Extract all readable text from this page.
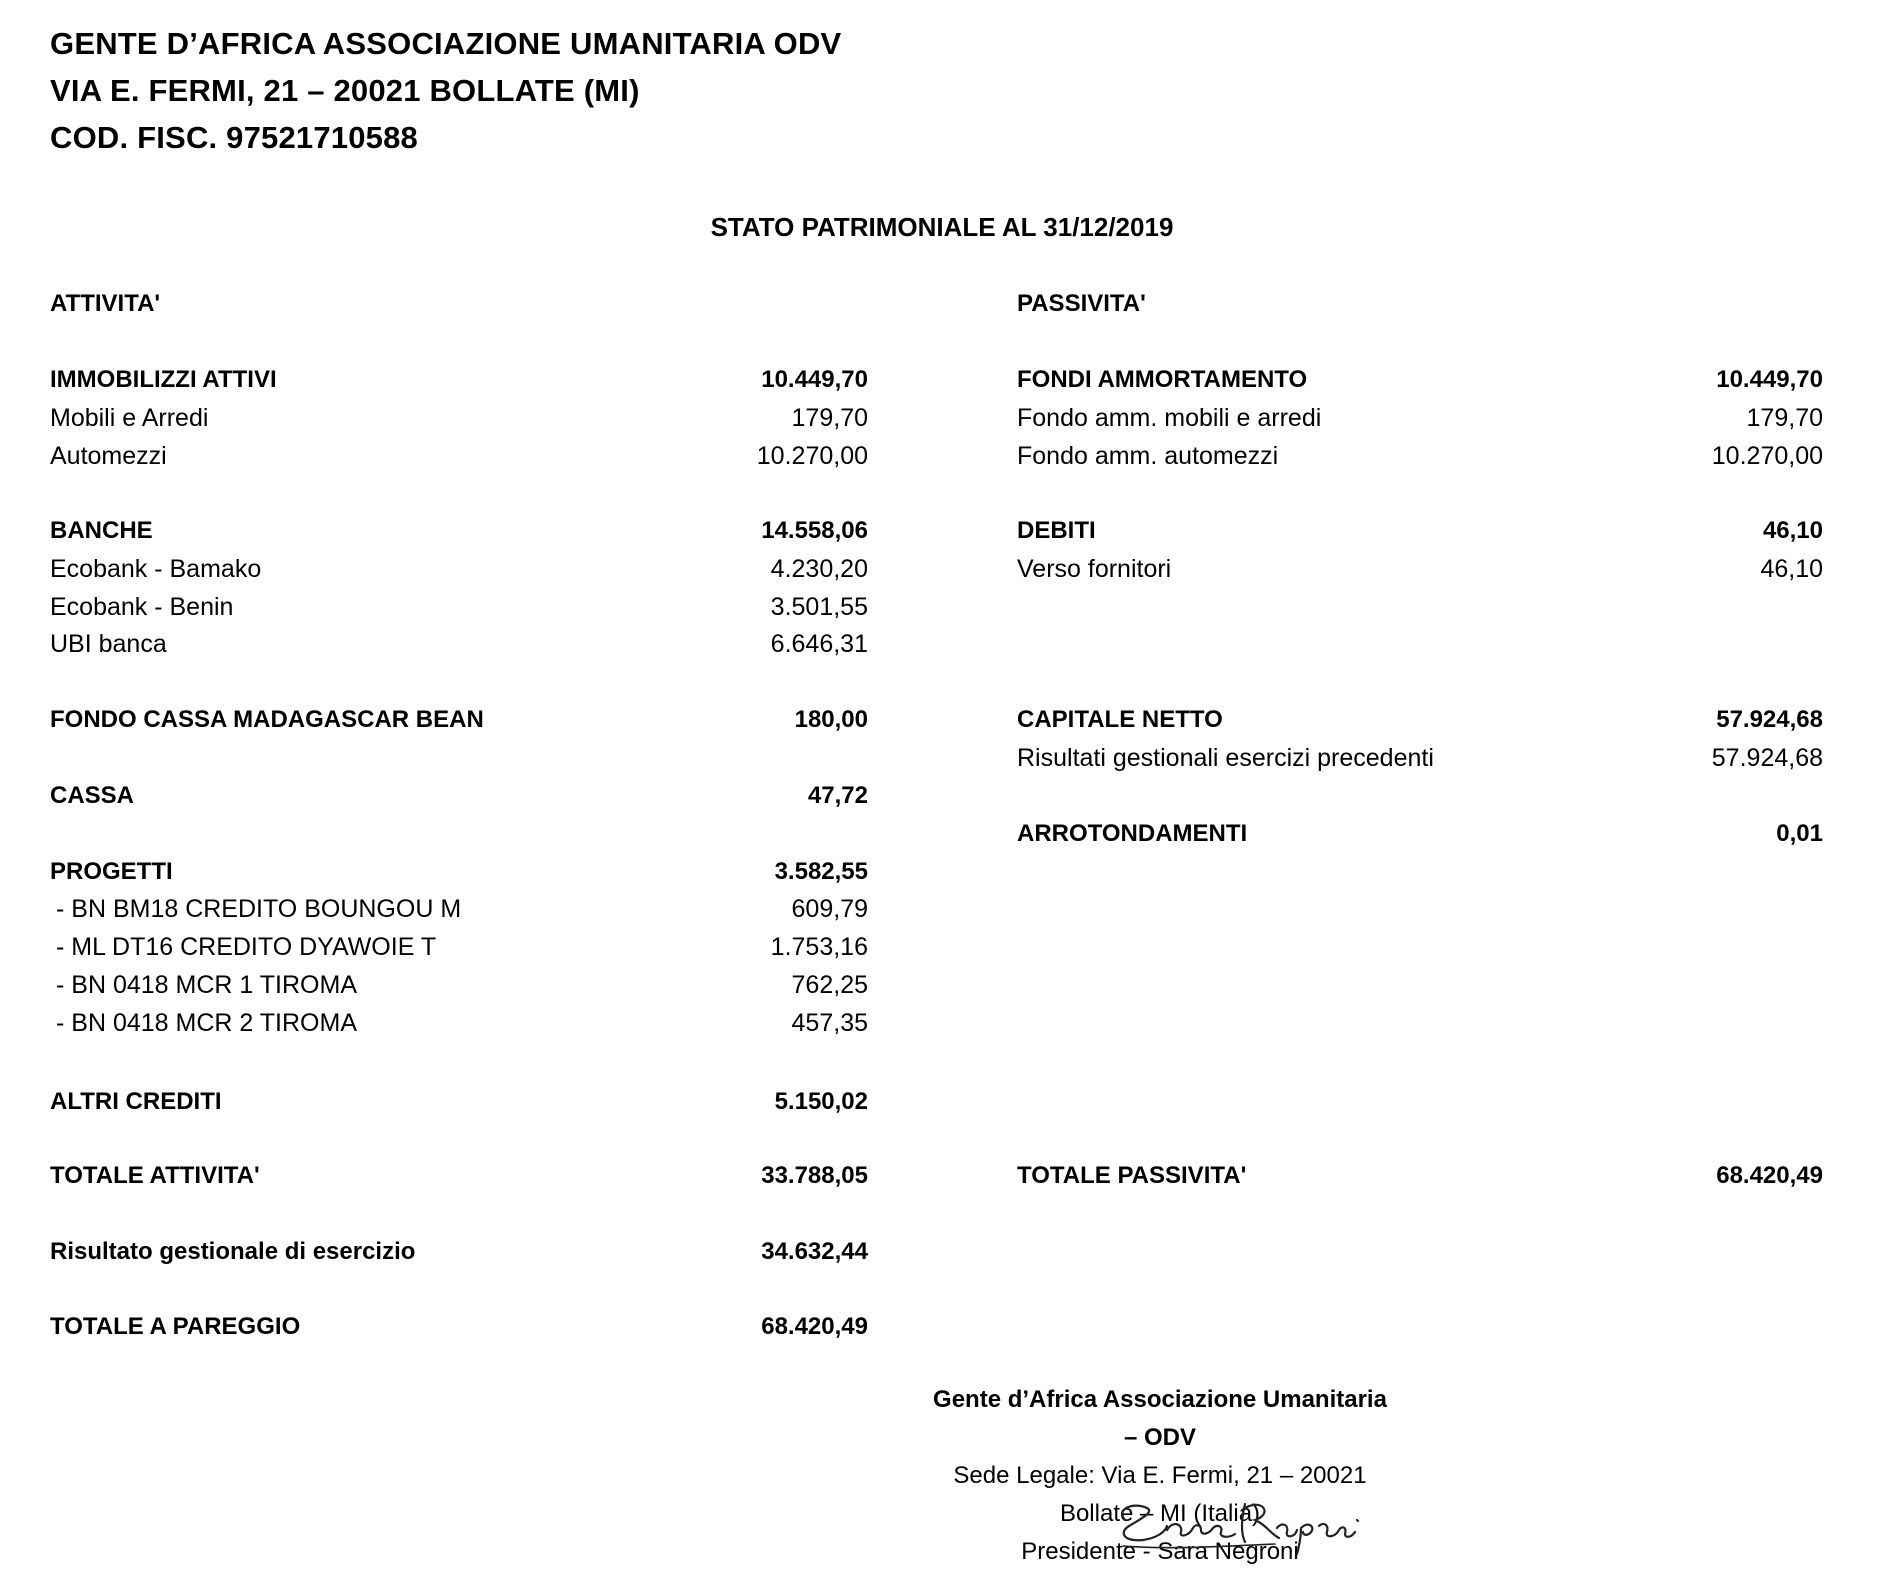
GENTE D’AFRICA ASSOCIAZIONE UMANITARIA ODV
VIA E. FERMI, 21 – 20021 BOLLATE (MI)
COD. FISC. 97521710588
STATO PATRIMONIALE AL 31/12/2019
ATTIVITA'	PASSIVITA'
IMMOBILIZZI ATTIVI	10.449,70
Mobili e Arredi	179,70
Automezzi	10.270,00
BANCHE	14.558,06
Ecobank - Bamako	4.230,20
Ecobank - Benin	3.501,55
UBI banca	6.646,31
FONDO CASSA MADAGASCAR BEAN	180,00
CASSA	47,72
PROGETTI	3.582,55
- BN BM18 CREDITO BOUNGOU M	609,79
- ML DT16 CREDITO DYAWOIE T	1.753,16
- BN 0418 MCR 1 TIROMA	762,25
- BN 0418 MCR 2 TIROMA	457,35
ALTRI CREDITI	5.150,02
TOTALE ATTIVITA'	33.788,05
Risultato gestionale di esercizio	34.632,44
TOTALE A PAREGGIO	68.420,49
FONDI AMMORTAMENTO	10.449,70
Fondo amm. mobili e arredi	179,70
Fondo amm. automezzi	10.270,00
DEBITI	46,10
Verso fornitori	46,10
CAPITALE NETTO	57.924,68
Risultati gestionali esercizi precedenti	57.924,68
ARROTONDAMENTI	0,01
TOTALE PASSIVITA'	68.420,49
Gente d’Africa Associazione Umanitaria – ODV
Sede Legale: Via E. Fermi, 21 – 20021 Bollate – MI (Italia)
Presidente - Sara Negroni
